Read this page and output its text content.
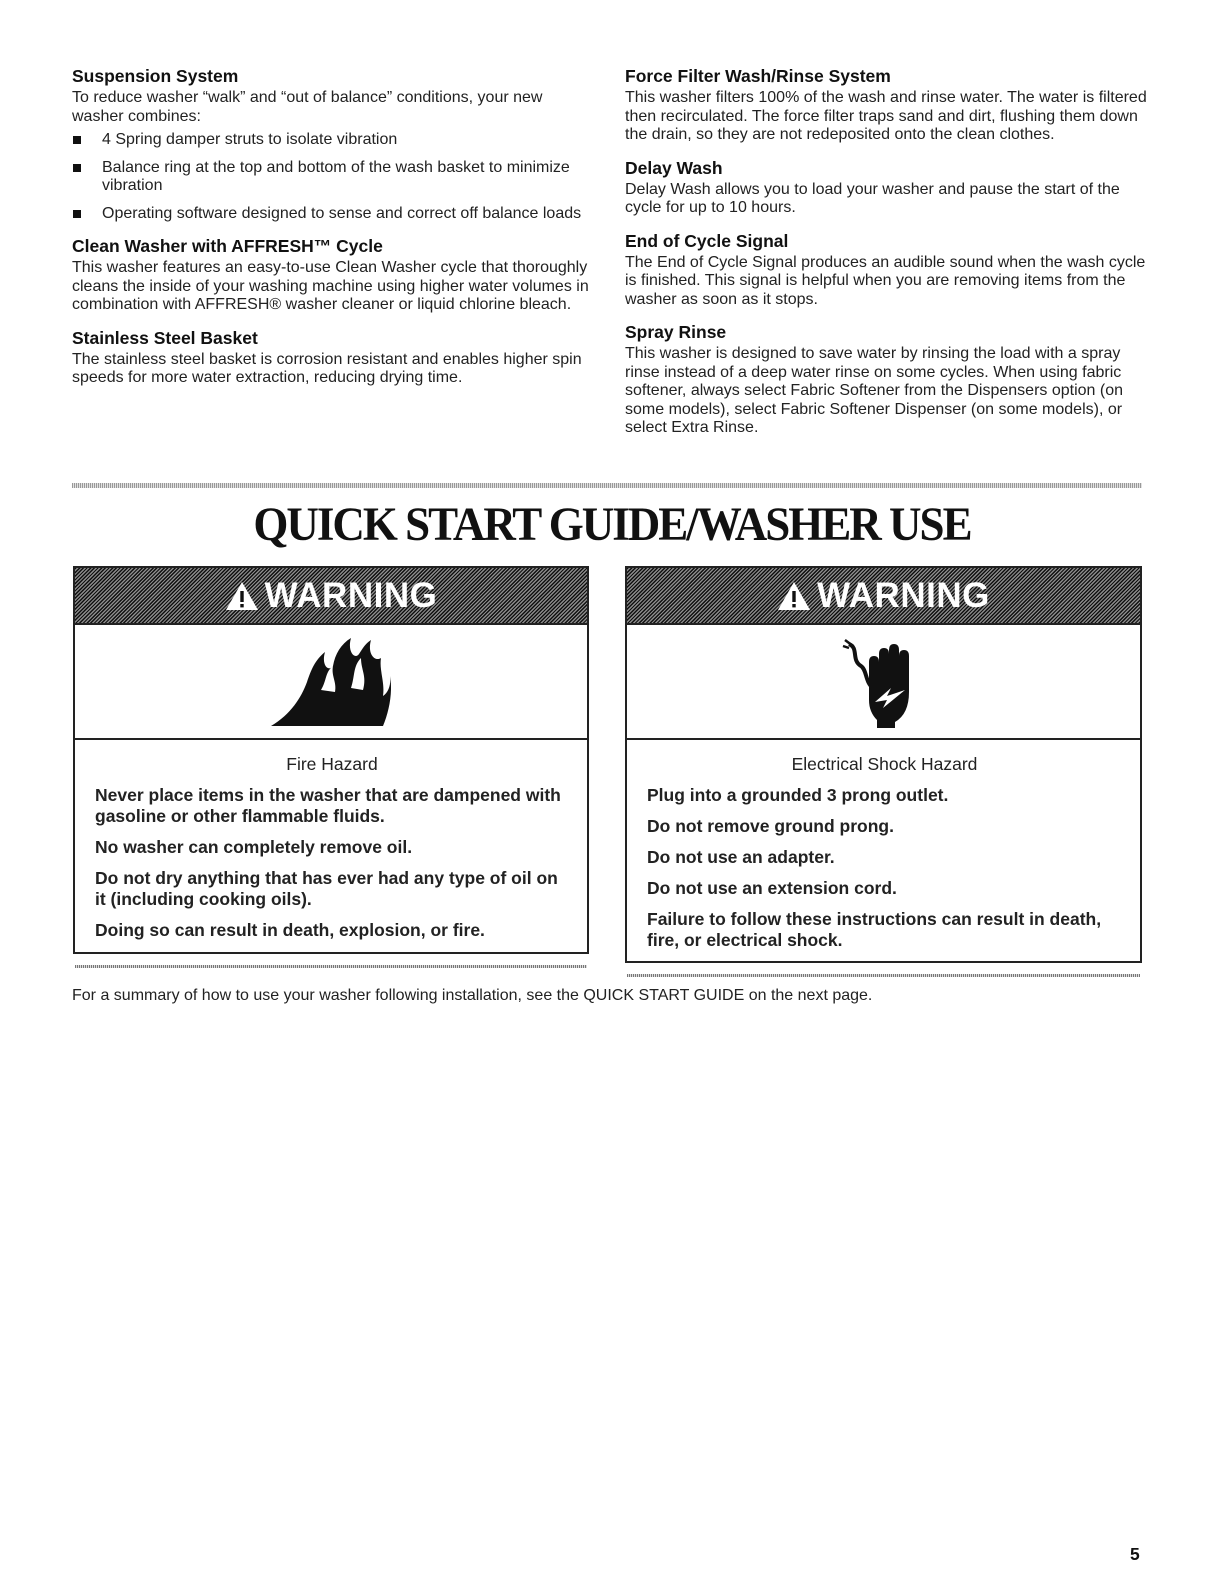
Suspension System

To reduce washer “walk” and “out of balance” conditions, your new washer combines:

4 Spring damper struts to isolate vibration
Balance ring at the top and bottom of the wash basket to minimize vibration
Operating software designed to sense and correct off balance loads
Clean Washer with AFFRESH™ Cycle

This washer features an easy-to-use Clean Washer cycle that thoroughly cleans the inside of your washing machine using higher water volumes in combination with AFFRESH® washer cleaner or liquid chlorine bleach.

Stainless Steel Basket

The stainless steel basket is corrosion resistant and enables higher spin speeds for more water extraction, reducing drying time.

Force Filter Wash/Rinse System

This washer filters 100% of the wash and rinse water. The water is filtered then recirculated. The force filter traps sand and dirt, flushing them down the drain, so they are not redeposited onto the clean clothes.

Delay Wash

Delay Wash allows you to load your washer and pause the start of the cycle for up to 10 hours.

End of Cycle Signal

The End of Cycle Signal produces an audible sound when the wash cycle is finished. This signal is helpful when you are removing items from the washer as soon as it stops.

Spray Rinse

This washer is designed to save water by rinsing the load with a spray rinse instead of a deep water rinse on some cycles. When using fabric softener, always select Fabric Softener from the Dispensers option (on some models), select Fabric Softener Dispenser (on some models), or select Extra Rinse.

QUICK START GUIDE/WASHER USE
WARNING
Fire Hazard

Never place items in the washer that are dampened with gasoline or other flammable fluids.

No washer can completely remove oil.

Do not dry anything that has ever had any type of oil on it (including cooking oils).

Doing so can result in death, explosion, or fire.

WARNING
Electrical Shock Hazard

Plug into a grounded 3 prong outlet.

Do not remove ground prong.

Do not use an adapter.

Do not use an extension cord.

Failure to follow these instructions can result in death, fire, or electrical shock.

For a summary of how to use your washer following installation, see the QUICK START GUIDE on the next page.

5
